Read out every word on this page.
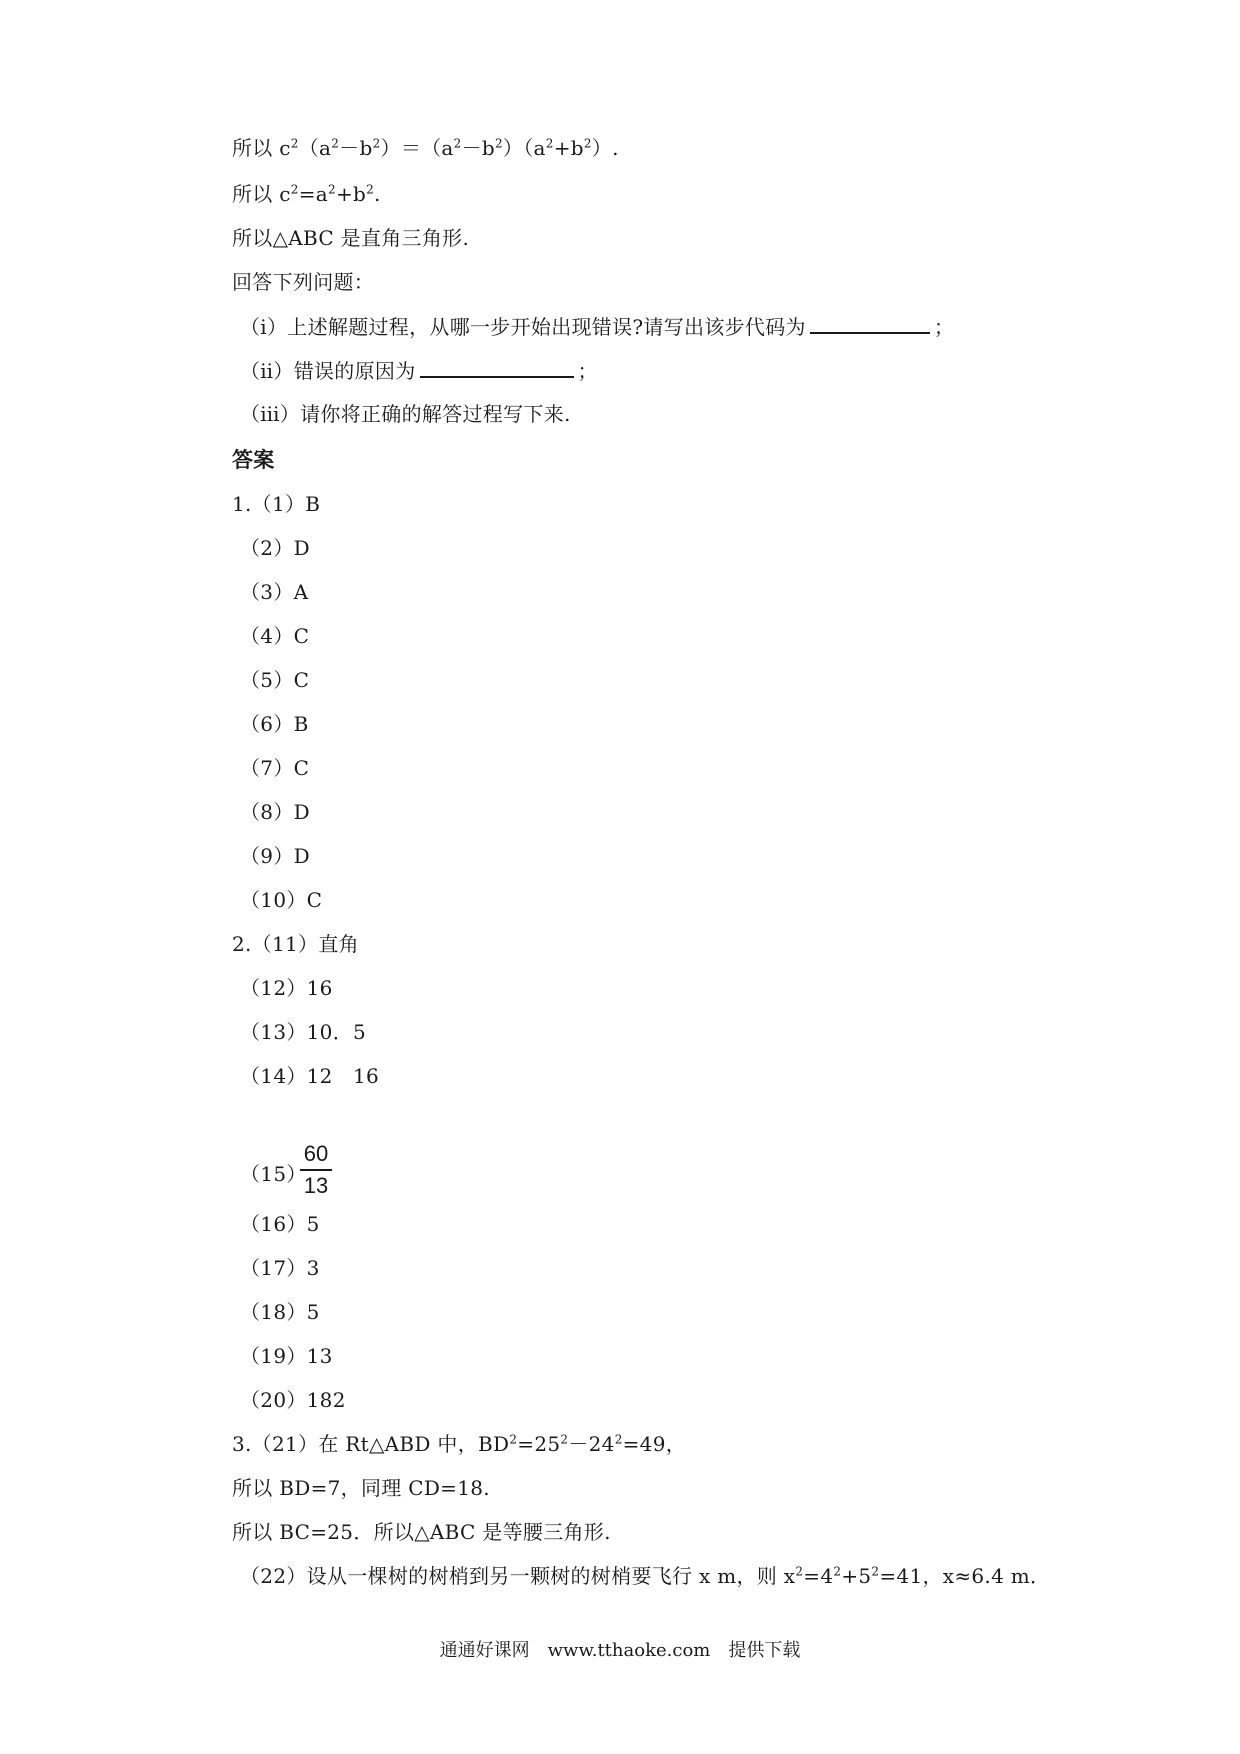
所以 $c^2(a^2-b^2)=(a^2-b^2)(a^2+b^2)$.
所以 $c^2=a^2+b^2$.
所以△ABC 是直角三角形.
回答下列问题：
（ⅰ）上述解题过程，从哪一步开始出现错误?请写出该步代码为	；
（ⅱ）错误的原因为	；
（ⅲ）请你将正确的解答过程写下来.
答案
1.（1）B
（2）D
（3）A
（4）C
（5）C
（6）B
（7）C
（8）D
（9）D
（10）C
2.（11）直角
（12）16
（13）10．5
（14）12　16
（15）
60
13
（16）5
（17）3
（18）5
（19）13
（20）182
3.（21）在 Rt△ABD 中，$BD^2=25^2-24^2=49$，
所以 BD=7，同理 CD=18.
所以 BC=25．所以△ABC 是等腰三角形.
（22）设从一棵树的树梢到另一颗树的树梢要飞行 x m，则 $x^2=4^2+5^2=41$，x≈6.4 m．
通通好课网　www.tthaoke.com　提供下载
